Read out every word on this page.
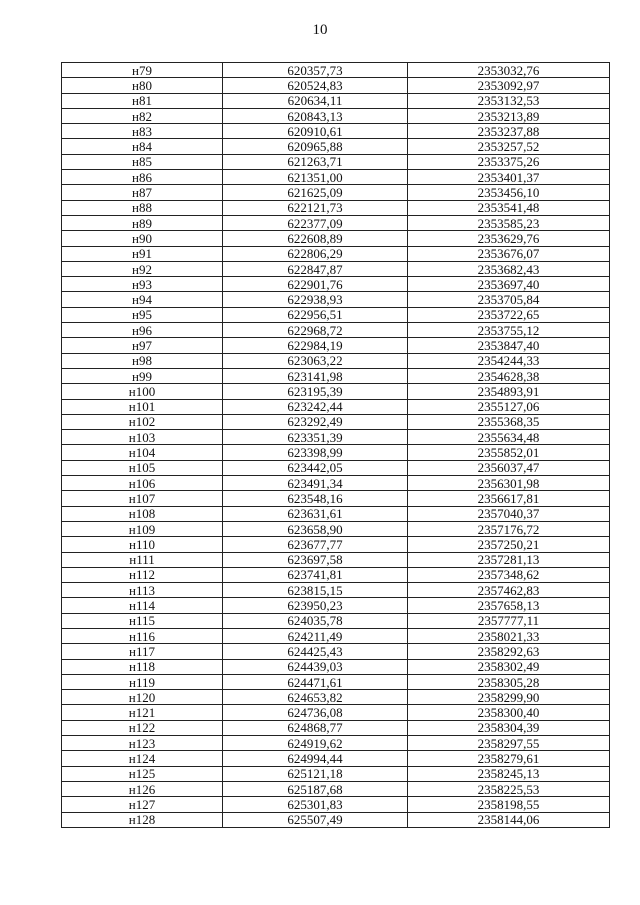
10
н79	620357,73	2353032,76
н80	620524,83	2353092,97
н81	620634,11	2353132,53
н82	620843,13	2353213,89
н83	620910,61	2353237,88
н84	620965,88	2353257,52
н85	621263,71	2353375,26
н86	621351,00	2353401,37
н87	621625,09	2353456,10
н88	622121,73	2353541,48
н89	622377,09	2353585,23
н90	622608,89	2353629,76
н91	622806,29	2353676,07
н92	622847,87	2353682,43
н93	622901,76	2353697,40
н94	622938,93	2353705,84
н95	622956,51	2353722,65
н96	622968,72	2353755,12
н97	622984,19	2353847,40
н98	623063,22	2354244,33
н99	623141,98	2354628,38
н100	623195,39	2354893,91
н101	623242,44	2355127,06
н102	623292,49	2355368,35
н103	623351,39	2355634,48
н104	623398,99	2355852,01
н105	623442,05	2356037,47
н106	623491,34	2356301,98
н107	623548,16	2356617,81
н108	623631,61	2357040,37
н109	623658,90	2357176,72
н110	623677,77	2357250,21
н111	623697,58	2357281,13
н112	623741,81	2357348,62
н113	623815,15	2357462,83
н114	623950,23	2357658,13
н115	624035,78	2357777,11
н116	624211,49	2358021,33
н117	624425,43	2358292,63
н118	624439,03	2358302,49
н119	624471,61	2358305,28
н120	624653,82	2358299,90
н121	624736,08	2358300,40
н122	624868,77	2358304,39
н123	624919,62	2358297,55
н124	624994,44	2358279,61
н125	625121,18	2358245,13
н126	625187,68	2358225,53
н127	625301,83	2358198,55
н128	625507,49	2358144,06
